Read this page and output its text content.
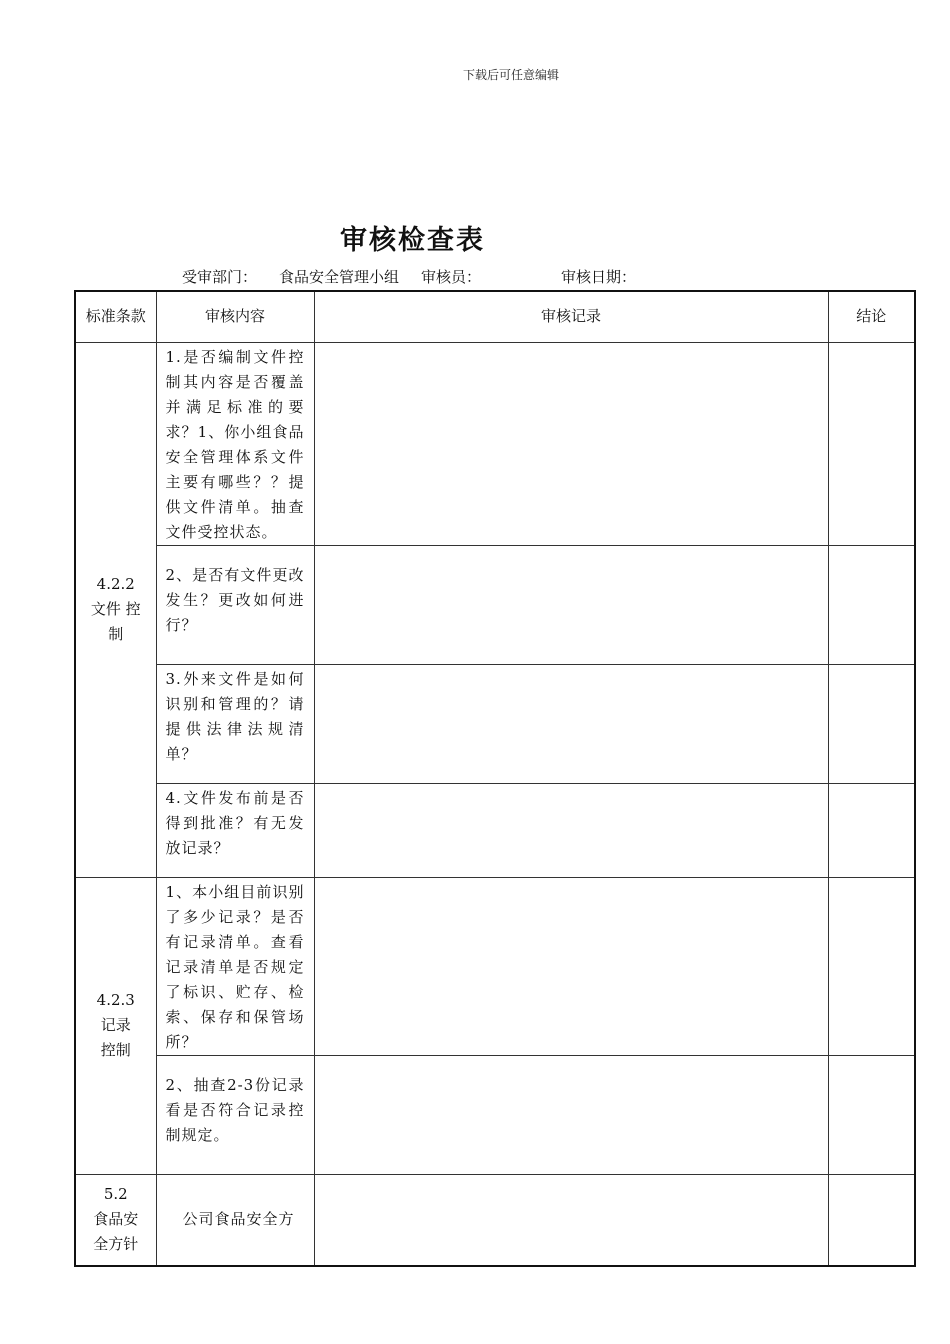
下载后可任意编辑
审核检查表
受审部门： 食品安全管理小组 审核员：	审核日期：
标准条款	审核内容	审核记录	结论
4.2.2
文件 控
制	1.是否编制文件控制其内容是否覆盖并满足标准的要求？1、你小组食品安全管理体系文件主要有哪些？？提供文件清单。抽查文件受控状态。		

	2、是否有文件更改发生？更改如何进行？		

	3.外来文件是如何识别和管理的？请提供法律法规清单？		

	4.文件发布前是否得到批准？有无发放记录？		

4.2.3
记录
控制	1、本小组目前识别了多少记录？是否有记录清单。查看记录清单是否规定了标识、贮存、检索、保存和保管场所？		

	2、抽查2-3份记录看是否符合记录控制规定。		

5.2
食品安
全方针	公司食品安全方		
